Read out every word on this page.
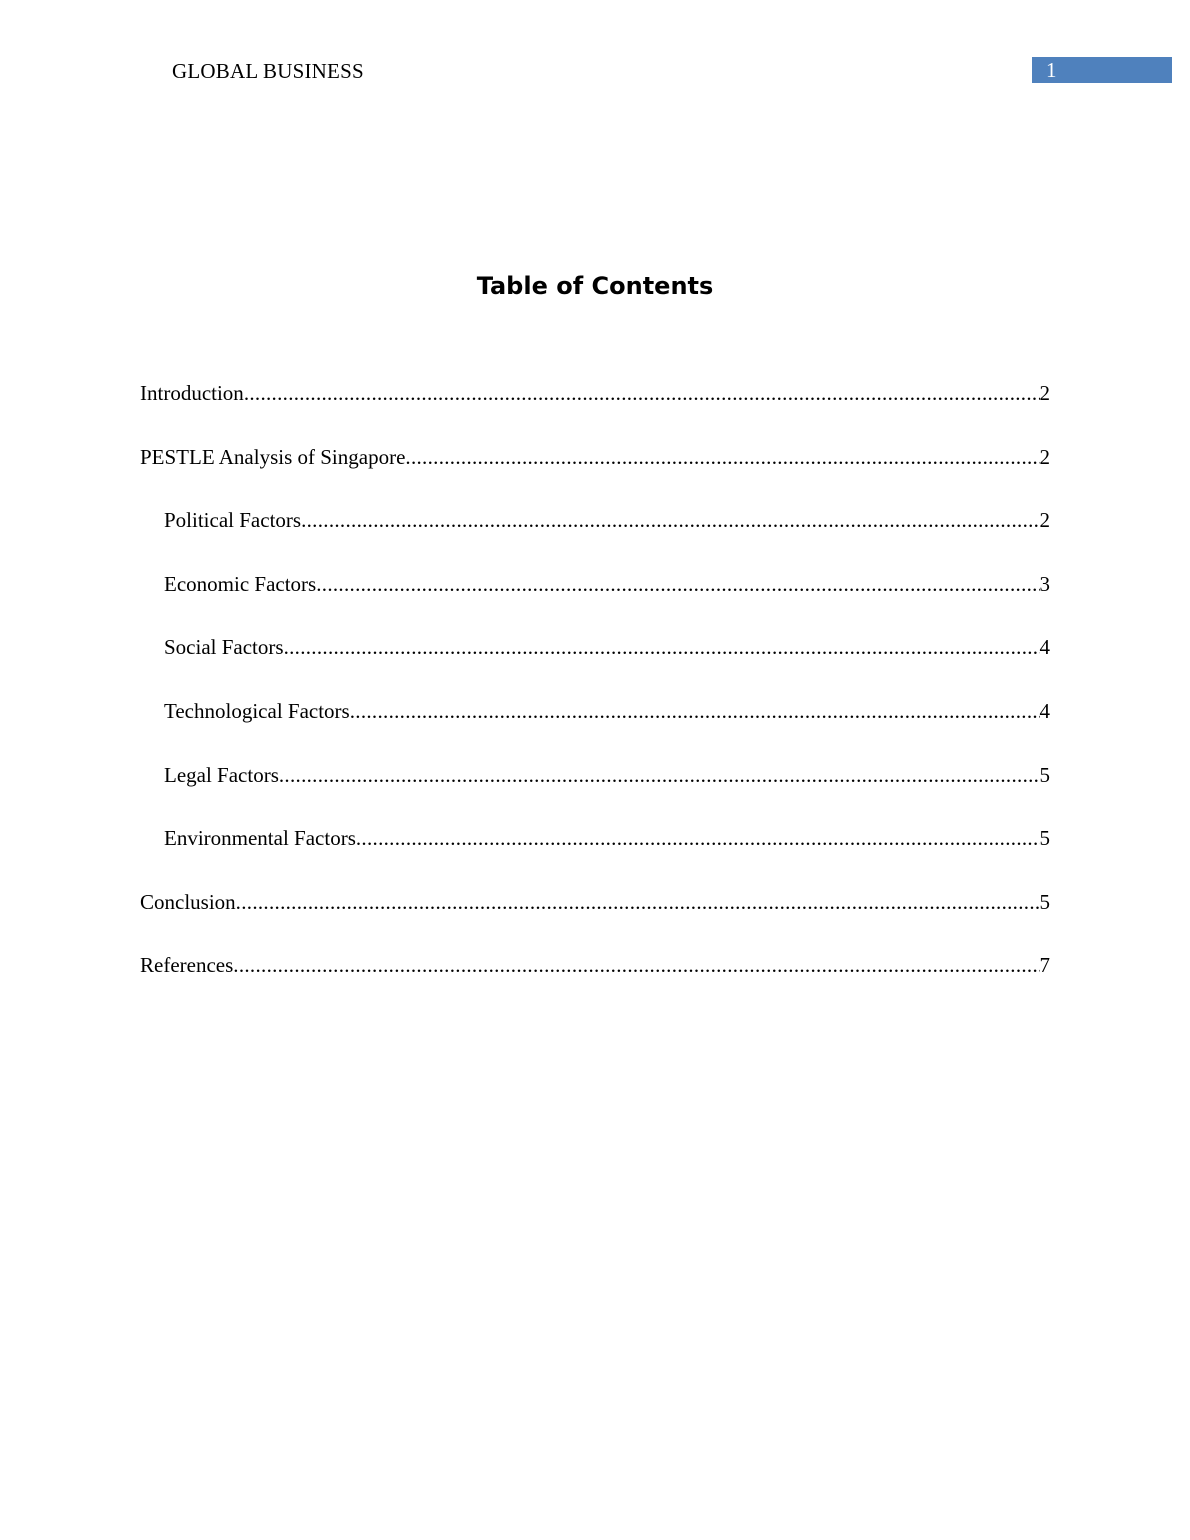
GLOBAL BUSINESS	1
Table of Contents
Introduction .....	2
PESTLE Analysis of Singapore .....	2
Political Factors .....	2
Economic Factors .....	3
Social Factors .....	4
Technological Factors .....	4
Legal Factors .....	5
Environmental Factors .....	5
Conclusion .....	5
References .....	7
